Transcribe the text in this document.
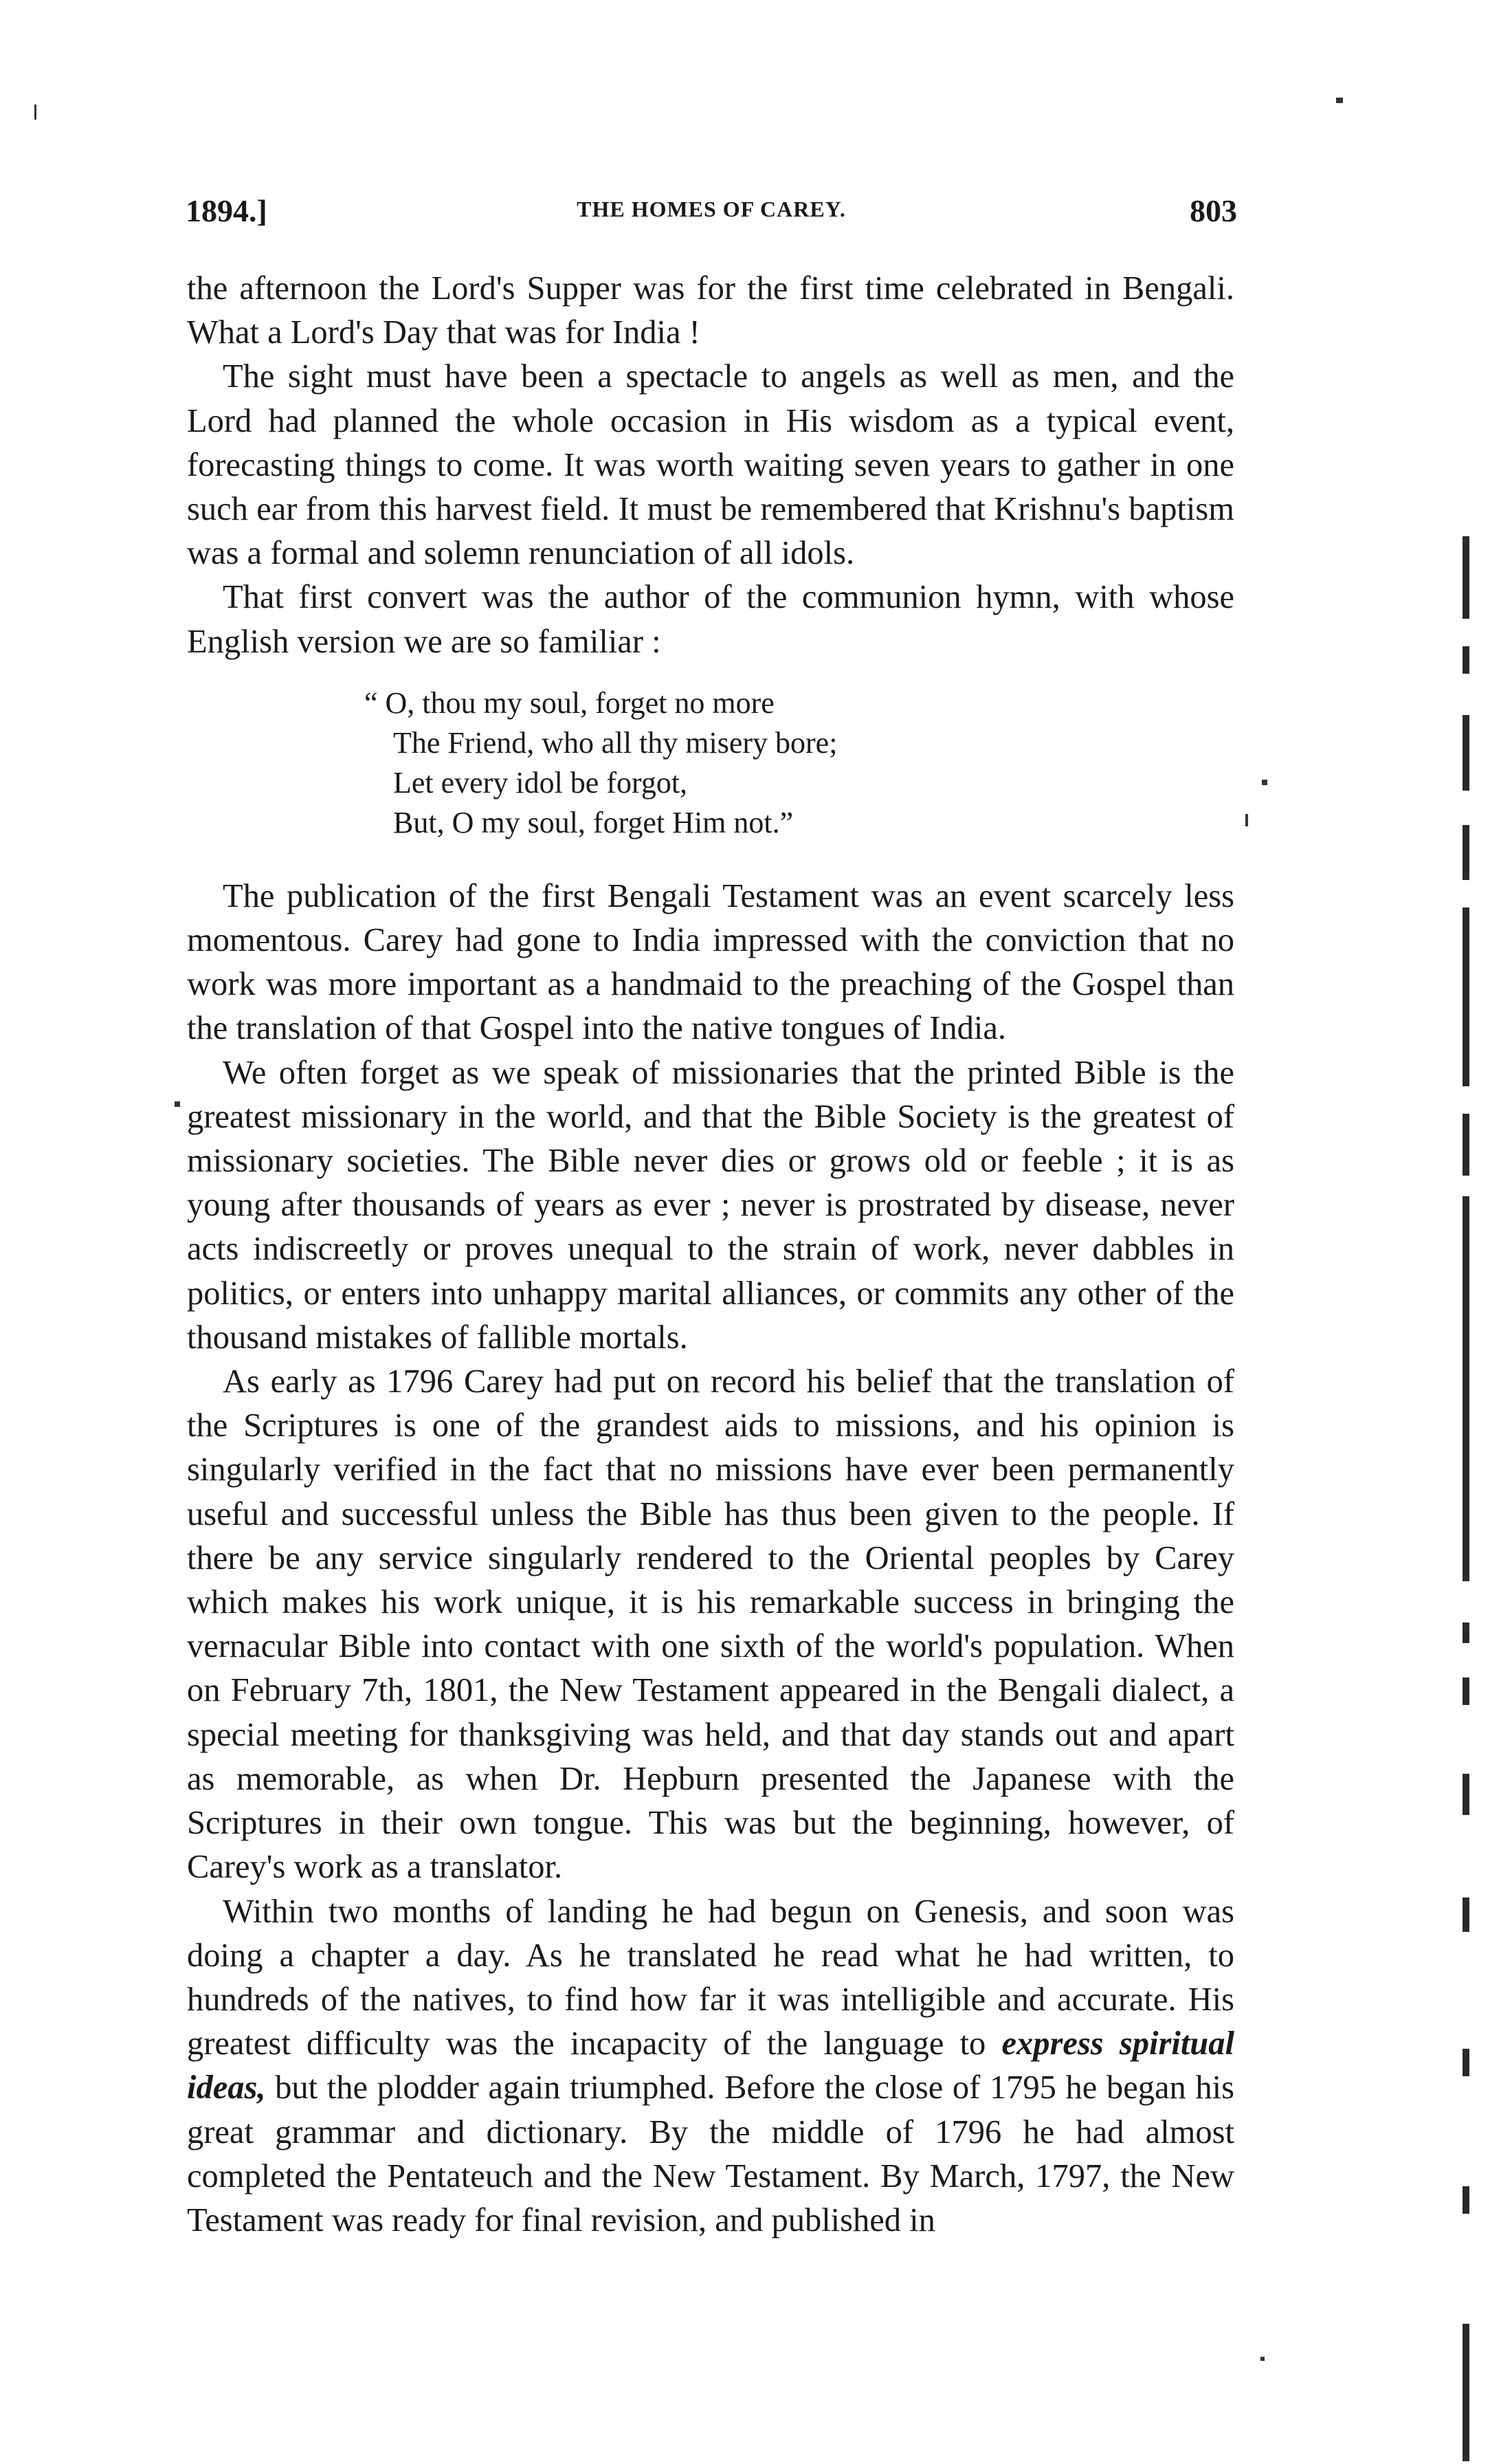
1894.]	THE HOMES OF CAREY.	803

the afternoon the Lord's Supper was for the first time celebrated in Bengali. What a Lord's Day that was for India !

The sight must have been a spectacle to angels as well as men, and the Lord had planned the whole occasion in His wisdom as a typical event, forecasting things to come. It was worth waiting seven years to gather in one such ear from this harvest field. It must be remembered that Krishnu's baptism was a formal and solemn renunciation of all idols.

That first convert was the author of the communion hymn, with whose English version we are so familiar :

“ O, thou my soul, forget no more
The Friend, who all thy misery bore;
Let every idol be forgot,
But, O my soul, forget Him not.”

The publication of the first Bengali Testament was an event scarcely less momentous. Carey had gone to India impressed with the conviction that no work was more important as a handmaid to the preaching of the Gospel than the translation of that Gospel into the native tongues of India.

We often forget as we speak of missionaries that the printed Bible is the greatest missionary in the world, and that the Bible Society is the greatest of missionary societies. The Bible never dies or grows old or feeble ; it is as young after thousands of years as ever ; never is prostrated by disease, never acts indiscreetly or proves unequal to the strain of work, never dabbles in politics, or enters into unhappy marital alliances, or commits any other of the thousand mistakes of fallible mortals.

As early as 1796 Carey had put on record his belief that the translation of the Scriptures is one of the grandest aids to missions, and his opinion is singularly verified in the fact that no missions have ever been permanently useful and successful unless the Bible has thus been given to the people. If there be any service singularly rendered to the Oriental peoples by Carey which makes his work unique, it is his remarkable success in bringing the vernacular Bible into contact with one sixth of the world's population. When on February 7th, 1801, the New Testament appeared in the Bengali dialect, a special meeting for thanksgiving was held, and that day stands out and apart as memorable, as when Dr. Hepburn presented the Japanese with the Scriptures in their own tongue. This was but the beginning, however, of Carey's work as a translator.

Within two months of landing he had begun on Genesis, and soon was doing a chapter a day. As he translated he read what he had written, to hundreds of the natives, to find how far it was intelligible and accurate. His greatest difficulty was the incapacity of the language to express spiritual ideas, but the plodder again triumphed. Before the close of 1795 he began his great grammar and dictionary. By the middle of 1796 he had almost completed the Pentateuch and the New Testament. By March, 1797, the New Testament was ready for final revision, and published in
